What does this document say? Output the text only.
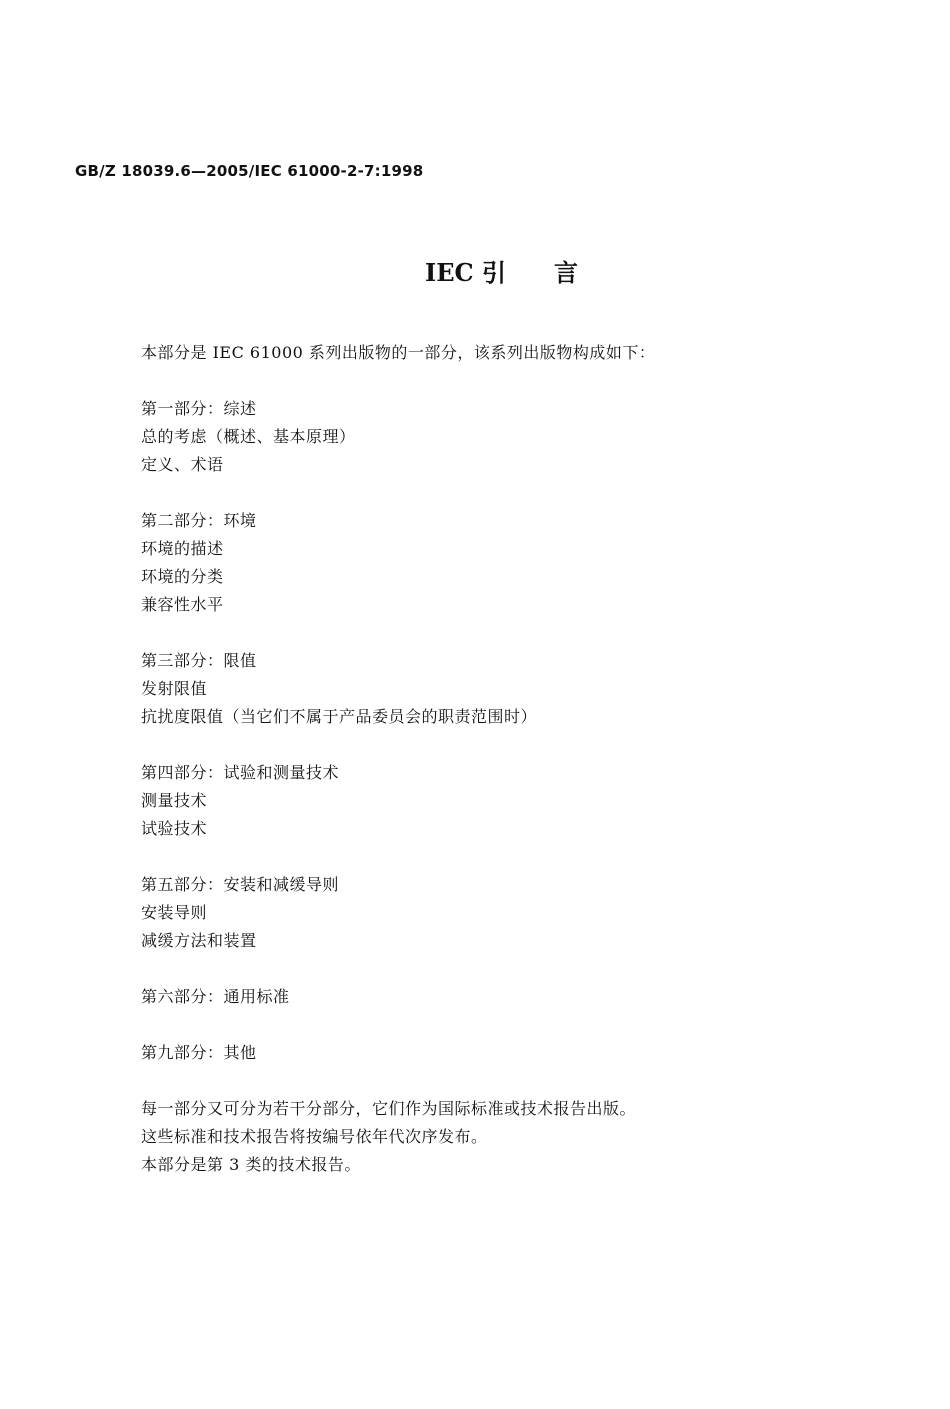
GB/Z 18039.6—2005/IEC 61000-2-7:1998
IEC 引 言
本部分是 IEC 61000 系列出版物的一部分，该系列出版物构成如下：
第一部分：综述
总的考虑（概述、基本原理）
定义、术语
第二部分：环境
环境的描述
环境的分类
兼容性水平
第三部分：限值
发射限值
抗扰度限值（当它们不属于产品委员会的职责范围时）
第四部分：试验和测量技术
测量技术
试验技术
第五部分：安装和减缓导则
安装导则
减缓方法和装置
第六部分：通用标准
第九部分：其他
每一部分又可分为若干分部分，它们作为国际标准或技术报告出版。
这些标准和技术报告将按编号依年代次序发布。
本部分是第 3 类的技术报告。
